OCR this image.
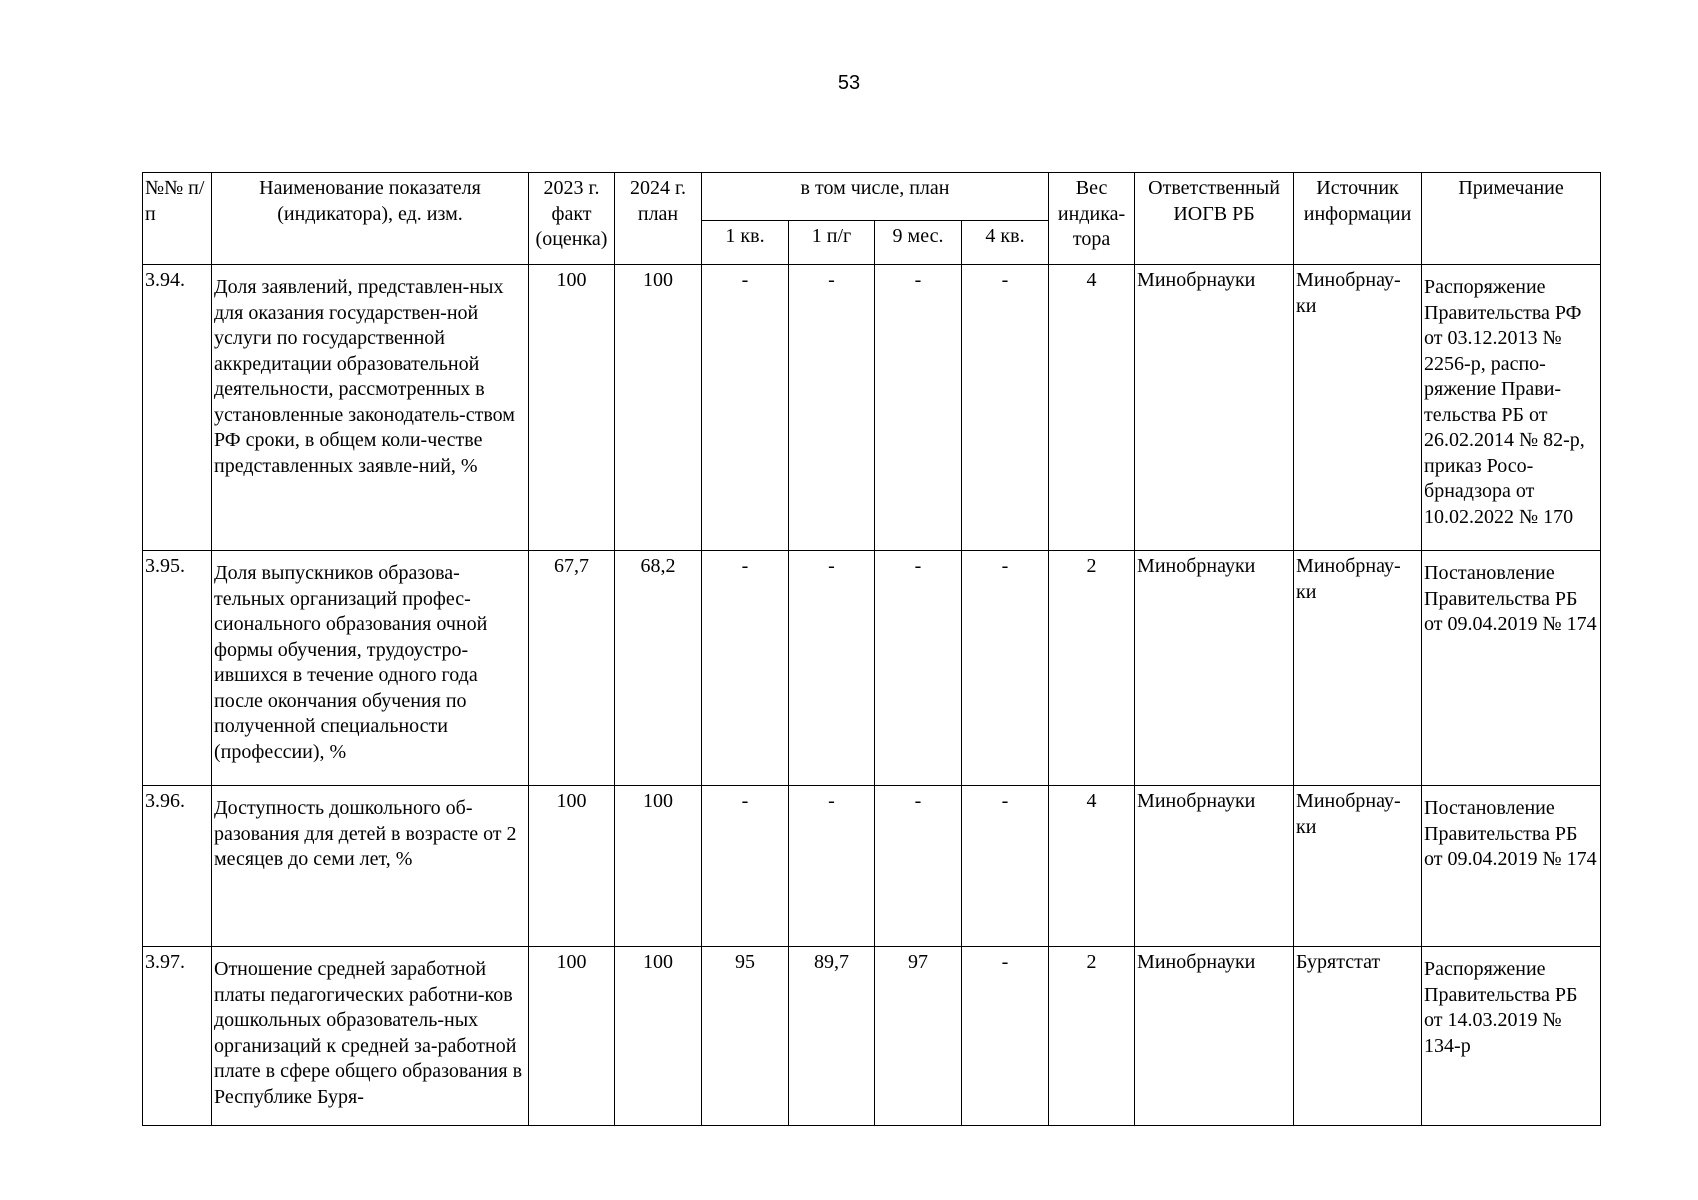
53
№№ п/п	Наименование показателя (индикатора), ед. изм.	2023 г. факт (оценка)	2024 г. план	в том числе, план				Вес индика-тора	Ответственный ИОГВ РБ	Источник информации	Примечание
				1 кв.	1 п/г	9 мес.	4 кв.				
3.94.	Доля заявлений, представлен-ных для оказания государствен-ной услуги по государственной аккредитации образовательной деятельности, рассмотренных в установленные законодатель-ством РФ сроки, в общем коли-честве представленных заявле-ний, %	100	100	-	-	-	-	4	Минобрнауки	Минобрнау-ки	Распоряжение Правительства РФ от 03.12.2013 № 2256-р, распо-ряжение Прави-тельства РБ от 26.02.2014 № 82-р, приказ Росо-брнадзора от 10.02.2022 № 170
3.95.	Доля выпускников образова-тельных организаций профес-сионального образования очной формы обучения, трудоустро-ившихся в течение одного года после окончания обучения по полученной специальности (профессии), %	67,7	68,2	-	-	-	-	2	Минобрнауки	Минобрнау-ки	Постановление Правительства РБ от 09.04.2019 № 174
3.96.	Доступность дошкольного об-разования для детей в возрасте от 2 месяцев до семи лет, %	100	100	-	-	-	-	4	Минобрнауки	Минобрнау-ки	Постановление Правительства РБ от 09.04.2019 № 174
3.97.	Отношение средней заработной платы педагогических работни-ков дошкольных образователь-ных организаций к средней за-работной плате в сфере общего образования в Республике Буря-	100	100	95	89,7	97	-	2	Минобрнауки	Бурятстат	Распоряжение Правительства РБ от 14.03.2019 № 134-р
